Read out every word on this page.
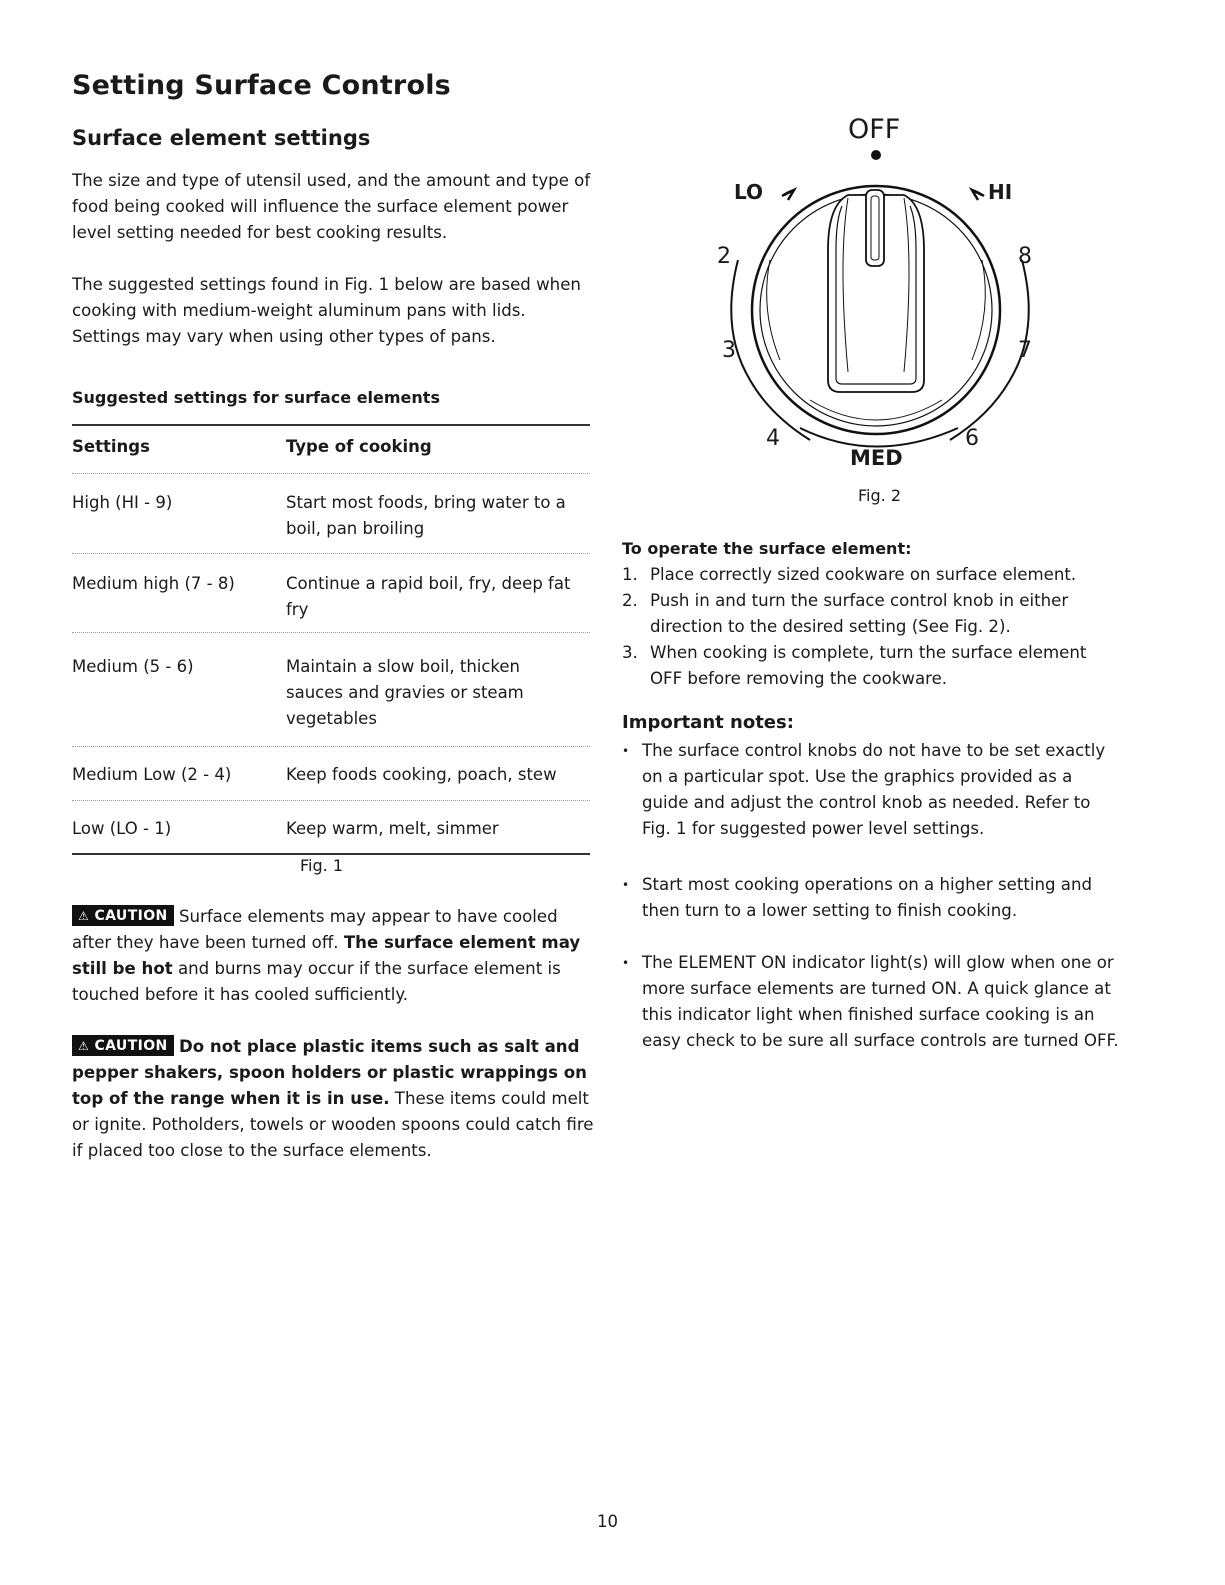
Setting Surface Controls
Surface element settings

The size and type of utensil used, and the amount and type of food being cooked will influence the surface element power level setting needed for best cooking results.

The suggested settings found in Fig. 1 below are based when cooking with medium-weight aluminum pans with lids. Settings may vary when using other types of pans.

Suggested settings for surface elements

Settings	Type of cooking
High (HI - 9)	Start most foods, bring water to a boil, pan broiling
Medium high (7 - 8)	Continue a rapid boil, fry, deep fat fry
Medium (5 - 6)	Maintain a slow boil, thicken sauces and gravies or steam vegetables
Medium Low (2 - 4)	Keep foods cooking, poach, stew
Low (LO - 1)	Keep warm, melt, simmer
Fig. 1

⚠ CAUTION Surface elements may appear to have cooled after they have been turned off. The surface element may still be hot and burns may occur if the surface element is touched before it has cooled sufficiently.

⚠ CAUTION Do not place plastic items such as salt and pepper shakers, spoon holders or plastic wrappings on top of the range when it is in use. These items could melt or ignite. Potholders, towels or wooden spoons could catch fire if placed too close to the surface elements.

OFF
LO	HI
2
3
4
MED
6
7
8
Fig. 2
To operate the surface element:
1. Place correctly sized cookware on surface element.
2. Push in and turn the surface control knob in either direction to the desired setting (See Fig. 2).
3. When cooking is complete, turn the surface element OFF before removing the cookware.
Important notes:
• The surface control knobs do not have to be set exactly on a particular spot. Use the graphics provided as a guide and adjust the control knob as needed. Refer to Fig. 1 for suggested power level settings.
• Start most cooking operations on a higher setting and then turn to a lower setting to finish cooking.
• The ELEMENT ON indicator light(s) will glow when one or more surface elements are turned ON. A quick glance at this indicator light when finished surface cooking is an easy check to be sure all surface controls are turned OFF.
10
